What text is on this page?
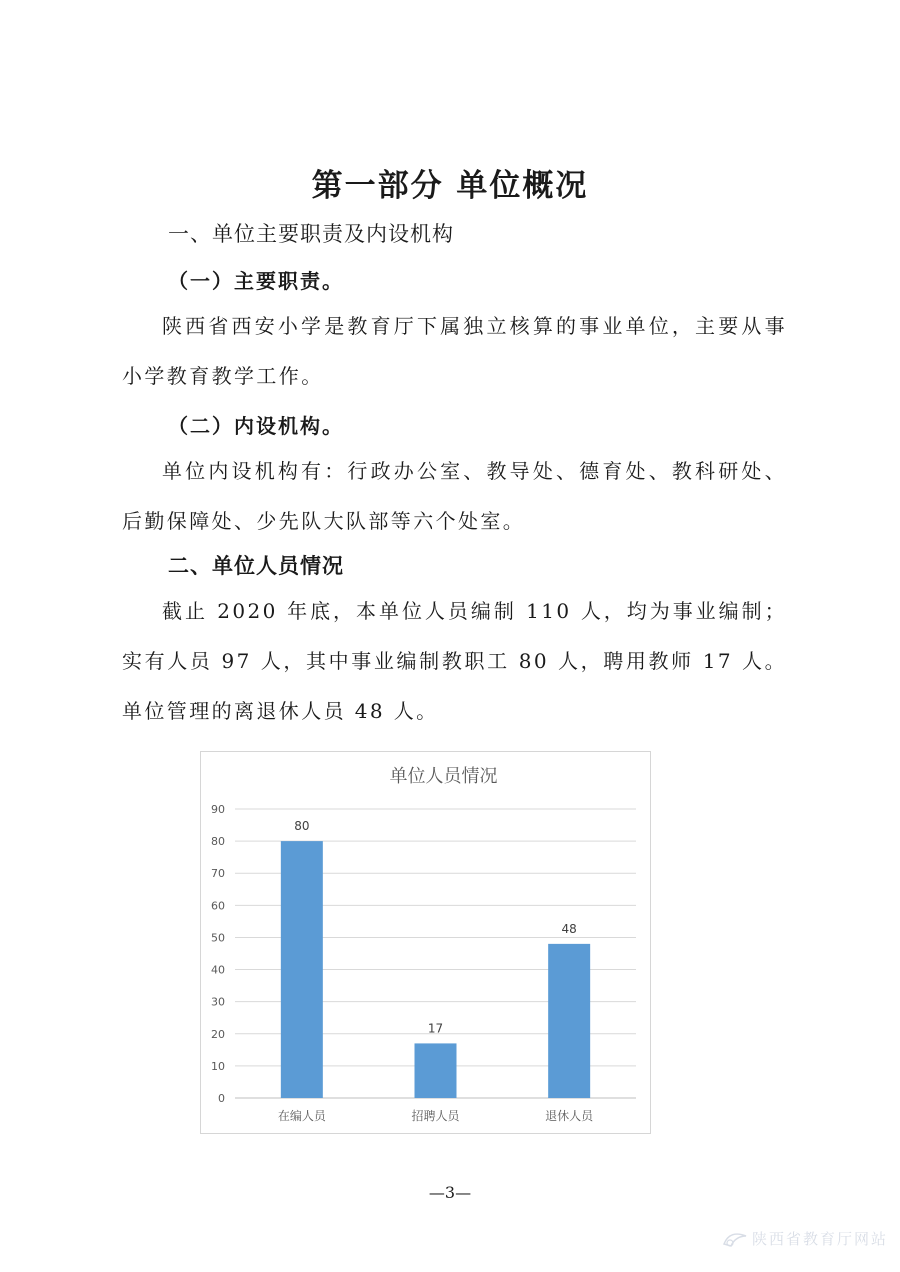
第一部分 单位概况
一、单位主要职责及内设机构
（一）主要职责。
陕西省西安小学是教育厅下属独立核算的事业单位，主要从事小学教育教学工作。
（二）内设机构。
单位内设机构有：行政办公室、教导处、德育处、教科研处、后勤保障处、少先队大队部等六个处室。
二、单位人员情况
截止 2020 年底，本单位人员编制 110 人，均为事业编制；实有人员 97 人，其中事业编制教职工 80 人，聘用教师 17 人。单位管理的离退休人员 48 人。
单位人员情况
0
10
20
30
40
50
60
70
80
90
80
在编人员
17
招聘人员
48
退休人员
—3—
陕西省教育厅网站
